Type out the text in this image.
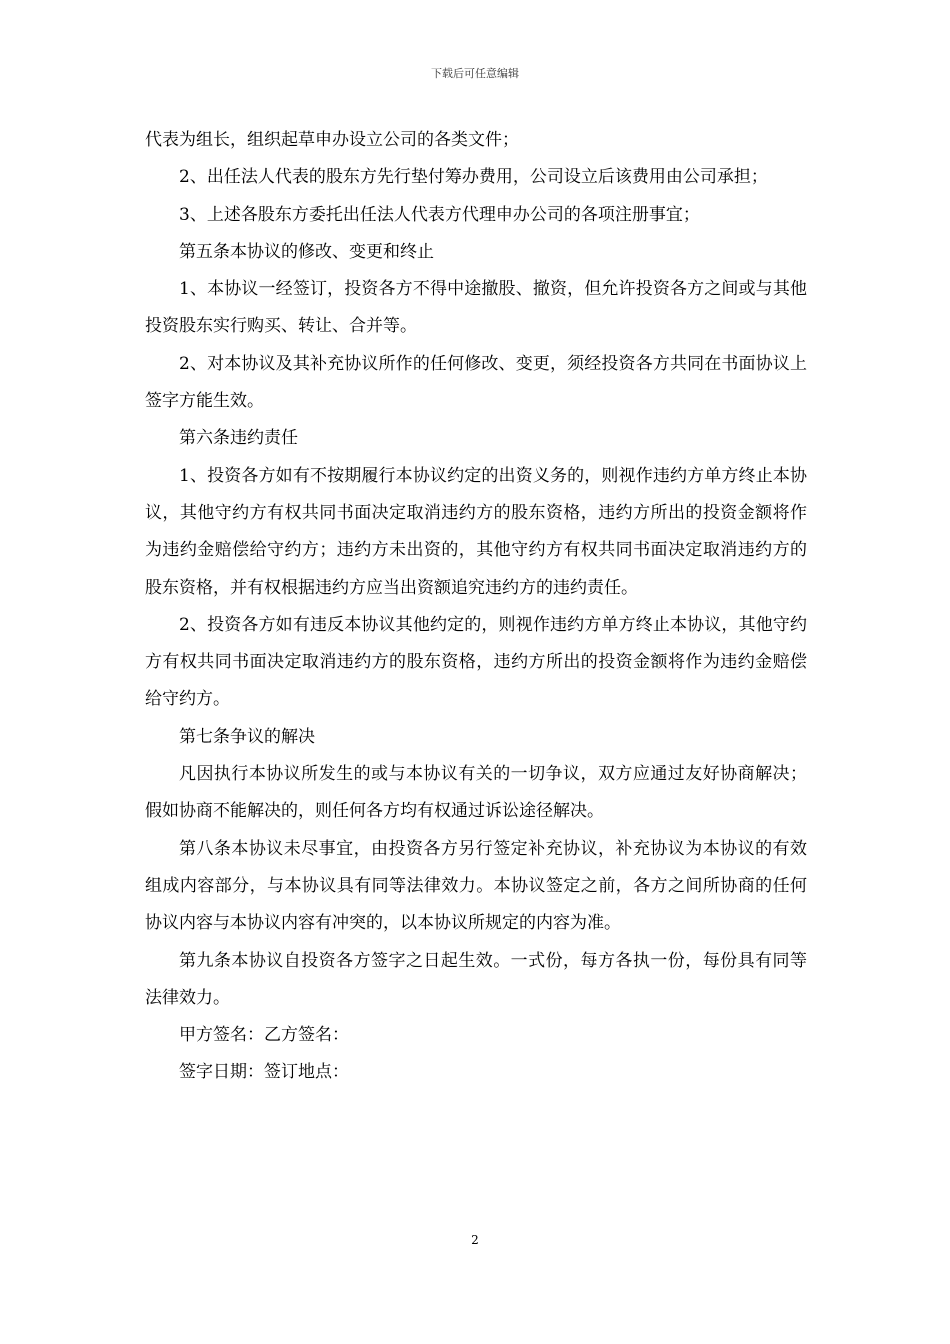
下载后可任意编辑

代表为组长，组织起草申办设立公司的各类文件；

2、出任法人代表的股东方先行垫付筹办费用，公司设立后该费用由公司承担；

3、上述各股东方委托出任法人代表方代理申办公司的各项注册事宜；

第五条本协议的修改、变更和终止

1、本协议一经签订，投资各方不得中途撤股、撤资，但允许投资各方之间或与其他投资股东实行购买、转让、合并等。

2、对本协议及其补充协议所作的任何修改、变更，须经投资各方共同在书面协议上签字方能生效。

第六条违约责任

1、投资各方如有不按期履行本协议约定的出资义务的，则视作违约方单方终止本协议，其他守约方有权共同书面决定取消违约方的股东资格，违约方所出的投资金额将作为违约金赔偿给守约方；违约方未出资的，其他守约方有权共同书面决定取消违约方的股东资格，并有权根据违约方应当出资额追究违约方的违约责任。

2、投资各方如有违反本协议其他约定的，则视作违约方单方终止本协议，其他守约方有权共同书面决定取消违约方的股东资格，违约方所出的投资金额将作为违约金赔偿给守约方。

第七条争议的解决

凡因执行本协议所发生的或与本协议有关的一切争议，双方应通过友好协商解决；假如协商不能解决的，则任何各方均有权通过诉讼途径解决。

第八条本协议未尽事宜，由投资各方另行签定补充协议，补充协议为本协议的有效组成内容部分，与本协议具有同等法律效力。本协议签定之前，各方之间所协商的任何协议内容与本协议内容有冲突的，以本协议所规定的内容为准。

第九条本协议自投资各方签字之日起生效。一式份，每方各执一份，每份具有同等法律效力。

甲方签名：乙方签名：

签字日期：签订地点：

2
